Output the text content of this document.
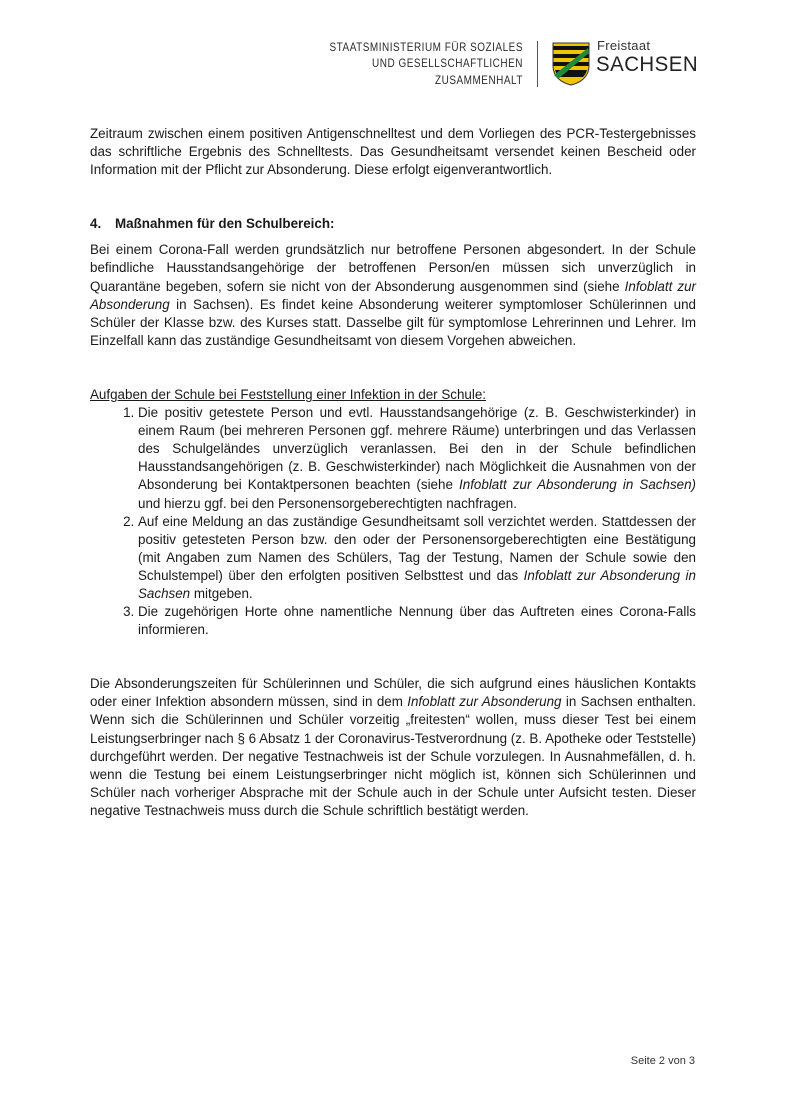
STAATSMINISTERIUM FÜR SOZIALES
UND GESELLSCHAFTLICHEN
ZUSAMMENHALT
Freistaat
SACHSEN

Zeitraum zwischen einem positiven Antigenschnelltest und dem Vorliegen des PCR-Testergebnisses das schriftliche Ergebnis des Schnelltests. Das Gesundheitsamt versendet keinen Bescheid oder Information mit der Pflicht zur Absonderung. Diese erfolgt eigenverantwortlich.

4.	Maßnahmen für den Schulbereich:

Bei einem Corona-Fall werden grundsätzlich nur betroffene Personen abgesondert. In der Schule befindliche Hausstandsangehörige der betroffenen Person/en müssen sich unverzüglich in Quarantäne begeben, sofern sie nicht von der Absonderung ausgenommen sind (siehe Infoblatt zur Absonderung in Sachsen). Es findet keine Absonderung weiterer symptomloser Schülerinnen und Schüler der Klasse bzw. des Kurses statt. Dasselbe gilt für symptomlose Lehrerinnen und Lehrer. Im Einzelfall kann das zuständige Gesundheitsamt von diesem Vorgehen abweichen.

Aufgaben der Schule bei Feststellung einer Infektion in der Schule:

1. Die positiv getestete Person und evtl. Hausstandsangehörige (z. B. Geschwisterkinder) in einem Raum (bei mehreren Personen ggf. mehrere Räume) unterbringen und das Verlassen des Schulgeländes unverzüglich veranlassen. Bei den in der Schule befindlichen Hausstandsangehörigen (z. B. Geschwisterkinder) nach Möglichkeit die Ausnahmen von der Absonderung bei Kontaktpersonen beachten (siehe Infoblatt zur Absonderung in Sachsen) und hierzu ggf. bei den Personensorgeberechtigten nachfragen.
2. Auf eine Meldung an das zuständige Gesundheitsamt soll verzichtet werden. Stattdessen der positiv getesteten Person bzw. den oder der Personensorgeberechtigten eine Bestätigung (mit Angaben zum Namen des Schülers, Tag der Testung, Namen der Schule sowie den Schulstempel) über den erfolgten positiven Selbsttest und das Infoblatt zur Absonderung in Sachsen mitgeben.
3. Die zugehörigen Horte ohne namentliche Nennung über das Auftreten eines Corona-Falls informieren.

Die Absonderungszeiten für Schülerinnen und Schüler, die sich aufgrund eines häuslichen Kontakts oder einer Infektion absondern müssen, sind in dem Infoblatt zur Absonderung in Sachsen enthalten. Wenn sich die Schülerinnen und Schüler vorzeitig „freitesten“ wollen, muss dieser Test bei einem Leistungserbringer nach § 6 Absatz 1 der Coronavirus-Testverordnung (z. B. Apotheke oder Teststelle) durchgeführt werden. Der negative Testnachweis ist der Schule vorzulegen. In Ausnahmefällen, d. h. wenn die Testung bei einem Leistungserbringer nicht möglich ist, können sich Schülerinnen und Schüler nach vorheriger Absprache mit der Schule auch in der Schule unter Aufsicht testen. Dieser negative Testnachweis muss durch die Schule schriftlich bestätigt werden.

Seite 2 von 3
